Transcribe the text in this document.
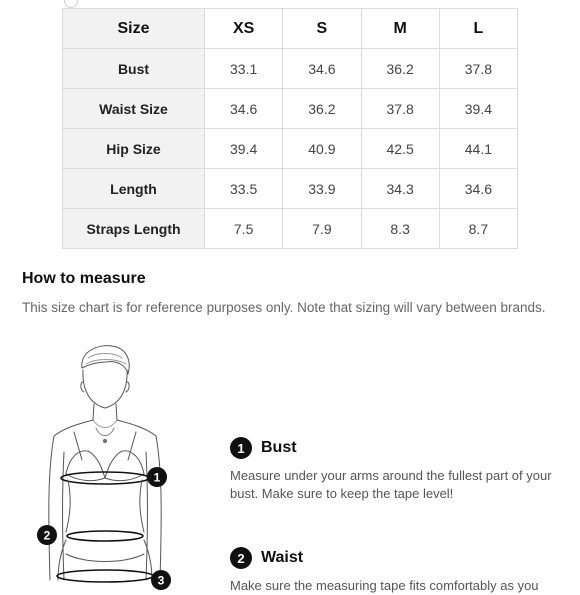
Size	XS	S	M	L
Bust	33.1	34.6	36.2	37.8
Waist Size	34.6	36.2	37.8	39.4
Hip Size	39.4	40.9	42.5	44.1
Length	33.5	33.9	34.3	34.6
Straps Length	7.5	7.9	8.3	8.7
How to measure
This size chart is for reference purposes only. Note that sizing will vary between brands.
1
2
3
1	Bust
Measure under your arms around the fullest part of your bust. Make sure to keep the tape level!
2	Waist
Make sure the measuring tape fits comfortably as you
